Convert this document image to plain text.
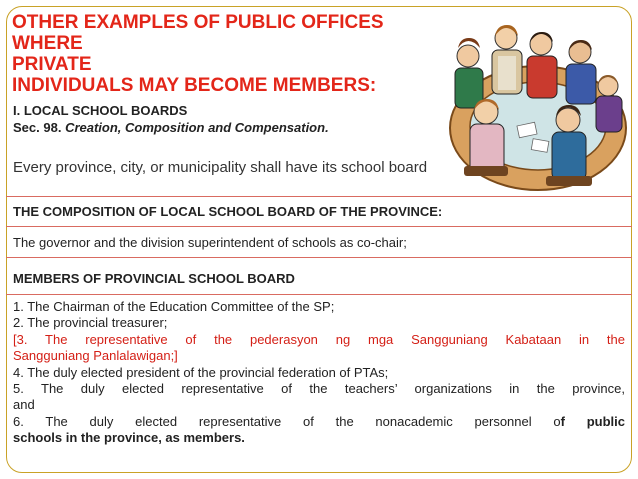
OTHER EXAMPLES OF PUBLIC OFFICES WHERE
PRIVATE
INDIVIDUALS MAY BECOME MEMBERS:
I. LOCAL SCHOOL BOARDS
Sec. 98. Creation, Composition and Compensation.
Every province, city, or municipality shall have its school board
THE COMPOSITION OF LOCAL SCHOOL BOARD OF THE PROVINCE:
The governor and the division superintendent of schools as co-chair;
MEMBERS OF PROVINCIAL SCHOOL BOARD
1. The Chairman of the Education Committee of the SP;
2. The provincial treasurer;
[3. The representative of the pederasyon ng mga Sangguniang Kabataan in the
Sangguniang Panlalawigan;]
4. The duly elected president of the provincial federation of PTAs;
5. The duly elected representative of the teachers’ organizations in the province,
and
6. The duly elected representative of the nonacademic personnel of public
schools in the province, as members.
